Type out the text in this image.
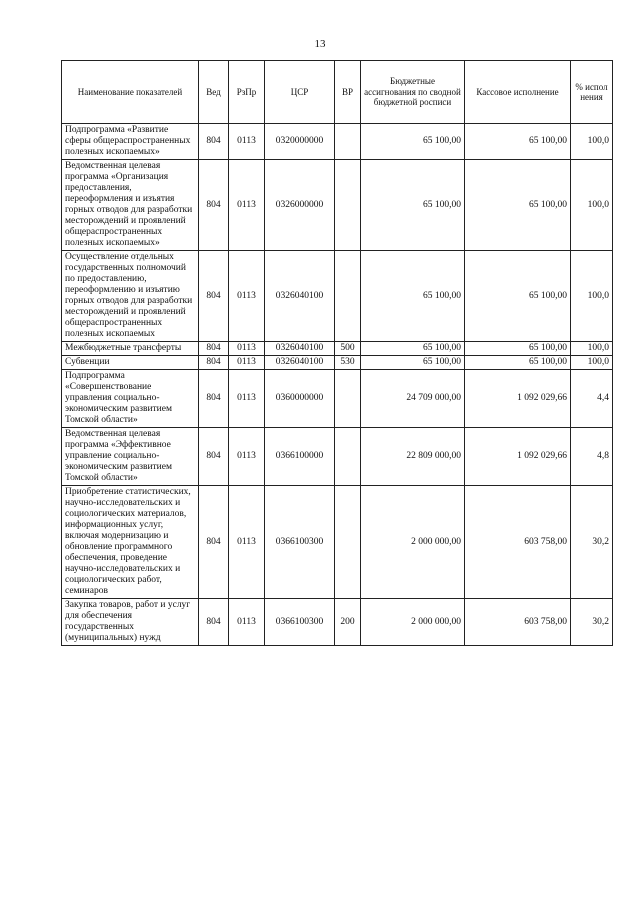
13
Наименование показателей	Вед	РзПр	ЦСР	ВР	Бюджетные ассигнования по сводной бюджетной росписи	Кассовое исполнение	% испол нения
Подпрограмма «Развитие сферы общераспространенных полезных ископаемых»	804	0113	0320000000		65 100,00	65 100,00	100,0
Ведомственная целевая программа «Организация предоставления, переоформления и изъятия горных отводов для разработки месторождений и проявлений общераспространенных полезных ископаемых»	804	0113	0326000000		65 100,00	65 100,00	100,0
Осуществление отдельных государственных полномочий по предоставлению, переоформлению и изъятию горных отводов для разработки месторождений и проявлений общераспространенных полезных ископаемых	804	0113	0326040100		65 100,00	65 100,00	100,0
Межбюджетные трансферты	804	0113	0326040100	500	65 100,00	65 100,00	100,0
Субвенции	804	0113	0326040100	530	65 100,00	65 100,00	100,0
Подпрограмма «Совершенствование управления социально-экономическим развитием Томской области»	804	0113	0360000000		24 709 000,00	1 092 029,66	4,4
Ведомственная целевая программа «Эффективное управление социально-экономическим развитием Томской области»	804	0113	0366100000		22 809 000,00	1 092 029,66	4,8
Приобретение статистических, научно-исследовательских и социологических материалов, информационных услуг, включая модернизацию и обновление программного обеспечения, проведение научно-исследовательских и социологических работ, семинаров	804	0113	0366100300		2 000 000,00	603 758,00	30,2
Закупка товаров, работ и услуг для обеспечения государственных (муниципальных) нужд	804	0113	0366100300	200	2 000 000,00	603 758,00	30,2
